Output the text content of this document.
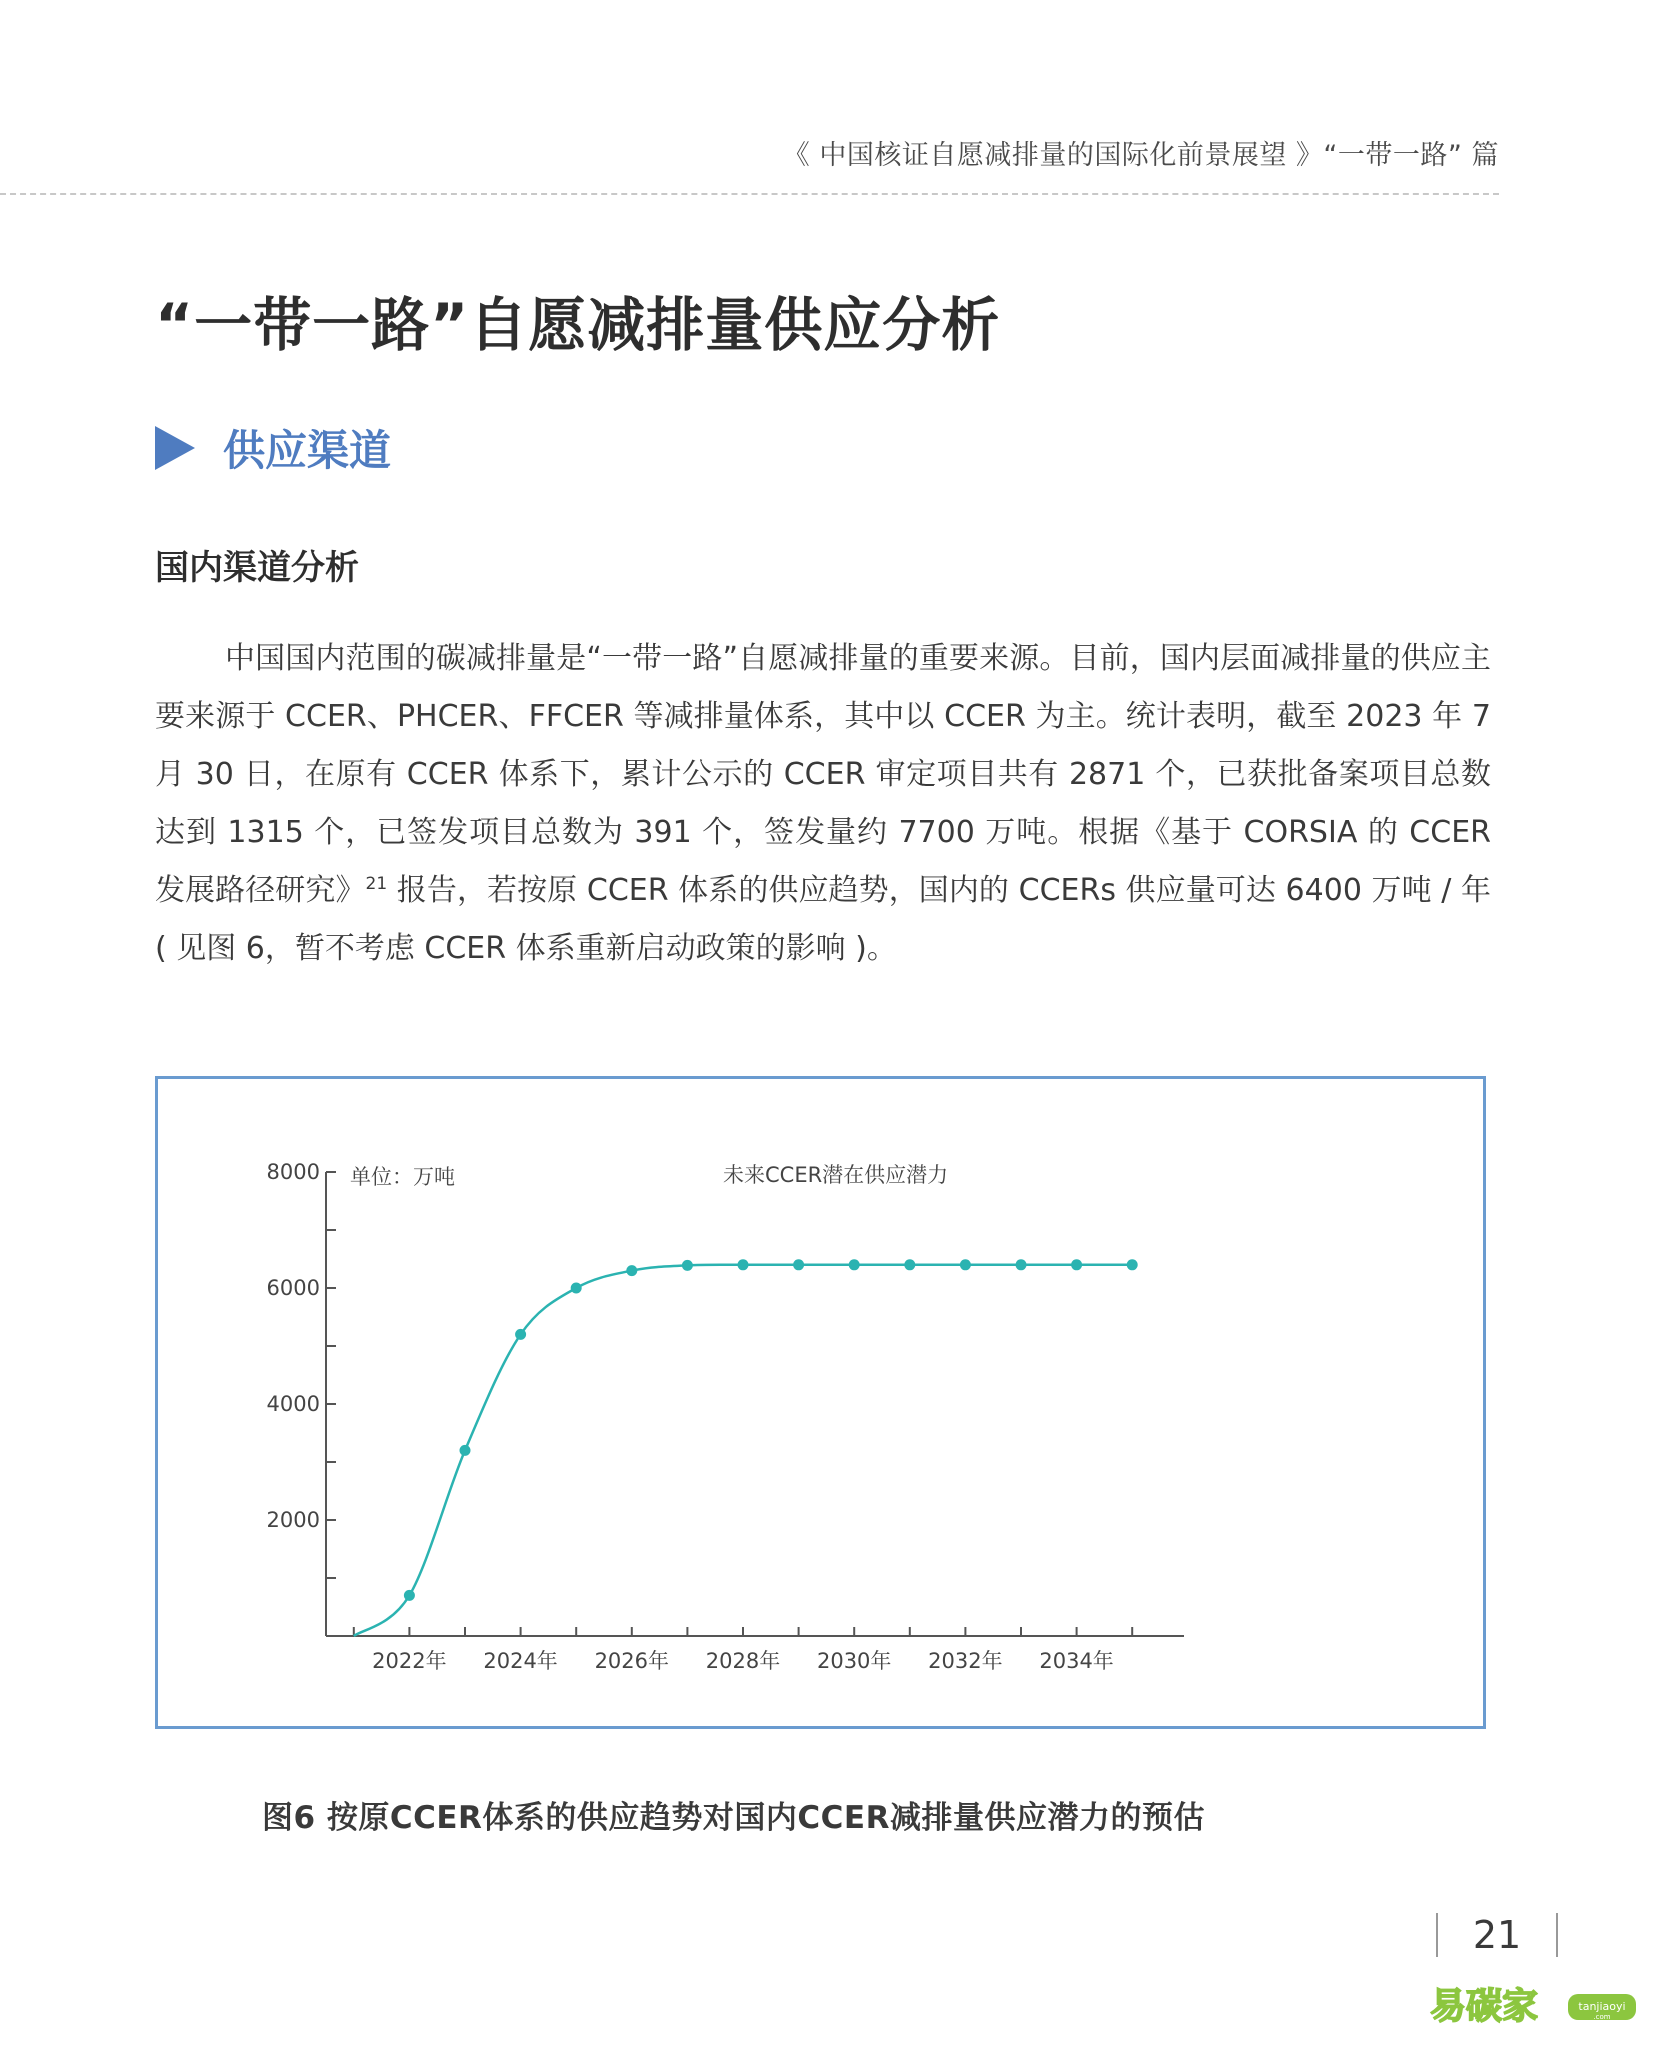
《 中国核证自愿减排量的国际化前景展望 》“一带一路” 篇
“一带一路”自愿减排量供应分析
供应渠道
国内渠道分析

中国国内范围的碳减排量是“一带一路”自愿减排量的重要来源。目前，国内层面减排量的供应主要来源于 CCER、PHCER、FFCER 等减排量体系，其中以 CCER 为主。统计表明，截至 2023 年 7 月 30 日，在原有 CCER 体系下，累计公示的 CCER 审定项目共有 2871 个，已获批备案项目总数达到 1315 个，已签发项目总数为 391 个，签发量约 7700 万吨。根据《基于 CORSIA 的 CCER 发展路径研究》$^{21}$ 报告，若按原 CCER 体系的供应趋势，国内的 CCERs 供应量可达 6400 万吨 / 年 ( 见图 6，暂不考虑 CCER 体系重新启动政策的影响 )。

2000
4000
6000
8000
2022年 2024年 2026年 2028年 2030年 2032年 2034年
单位：万吨	未来CCER潜在供应潜力

图6 按原CCER体系的供应趋势对国内CCER减排量供应潜力的预估

21
易碳家	tanjiaoyi
.com
